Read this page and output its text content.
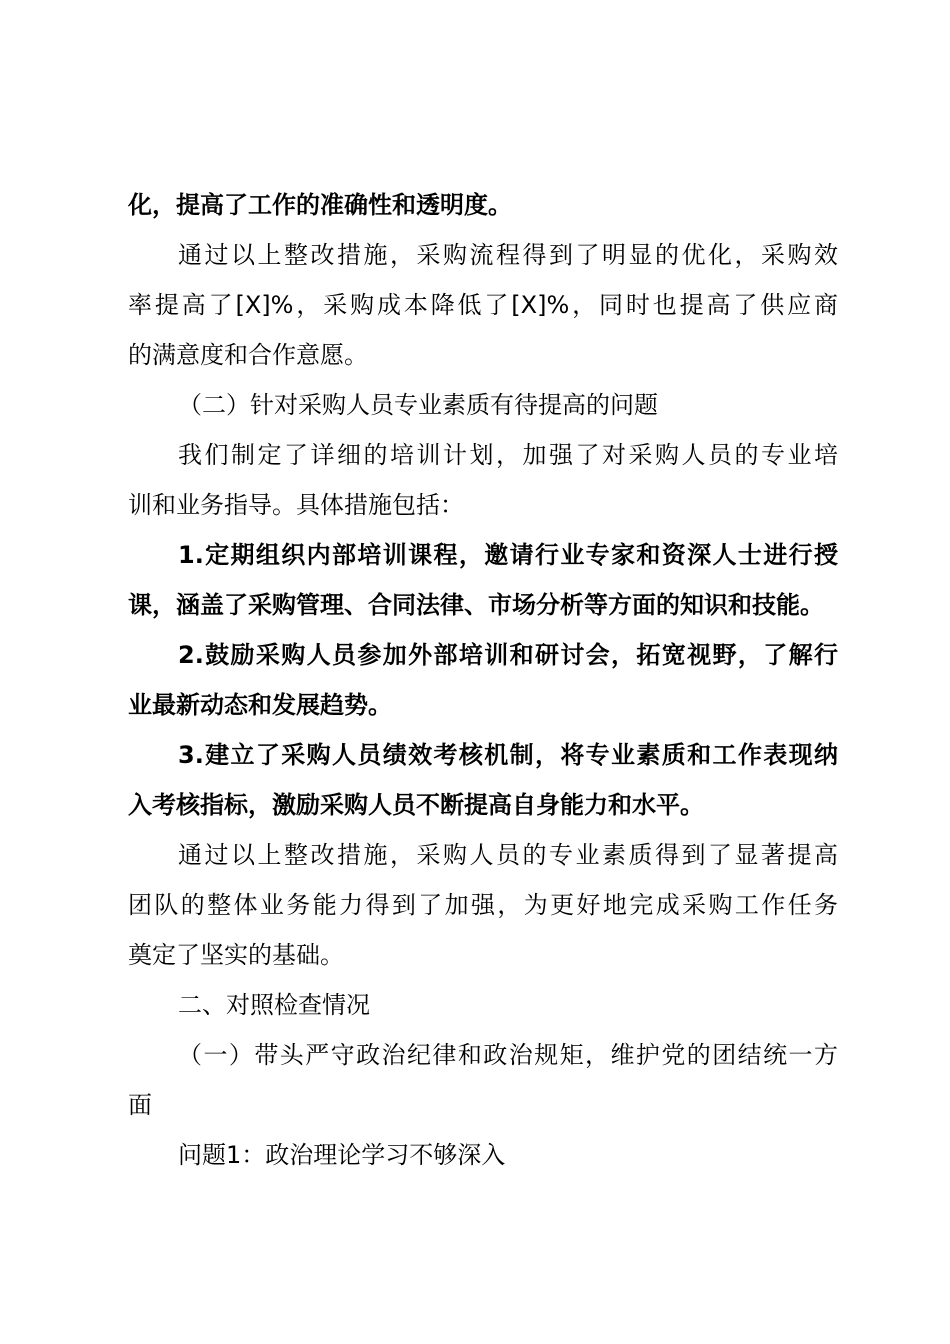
化，提高了工作的准确性和透明度。
通过以上整改措施，采购流程得到了明显的优化，采购效
率提高了[X]%，采购成本降低了[X]%，同时也提高了供应商
的满意度和合作意愿。
（二）针对采购人员专业素质有待提高的问题
我们制定了详细的培训计划，加强了对采购人员的专业培
训和业务指导。具体措施包括：
1.定期组织内部培训课程，邀请行业专家和资深人士进行授
课，涵盖了采购管理、合同法律、市场分析等方面的知识和技能。
2.鼓励采购人员参加外部培训和研讨会，拓宽视野，了解行
业最新动态和发展趋势。
3.建立了采购人员绩效考核机制，将专业素质和工作表现纳
入考核指标，激励采购人员不断提高自身能力和水平。
通过以上整改措施，采购人员的专业素质得到了显著提高
团队的整体业务能力得到了加强，为更好地完成采购工作任务
奠定了坚实的基础。
二、对照检查情况
（一）带头严守政治纪律和政治规矩，维护党的团结统一方
面
问题1：政治理论学习不够深入
